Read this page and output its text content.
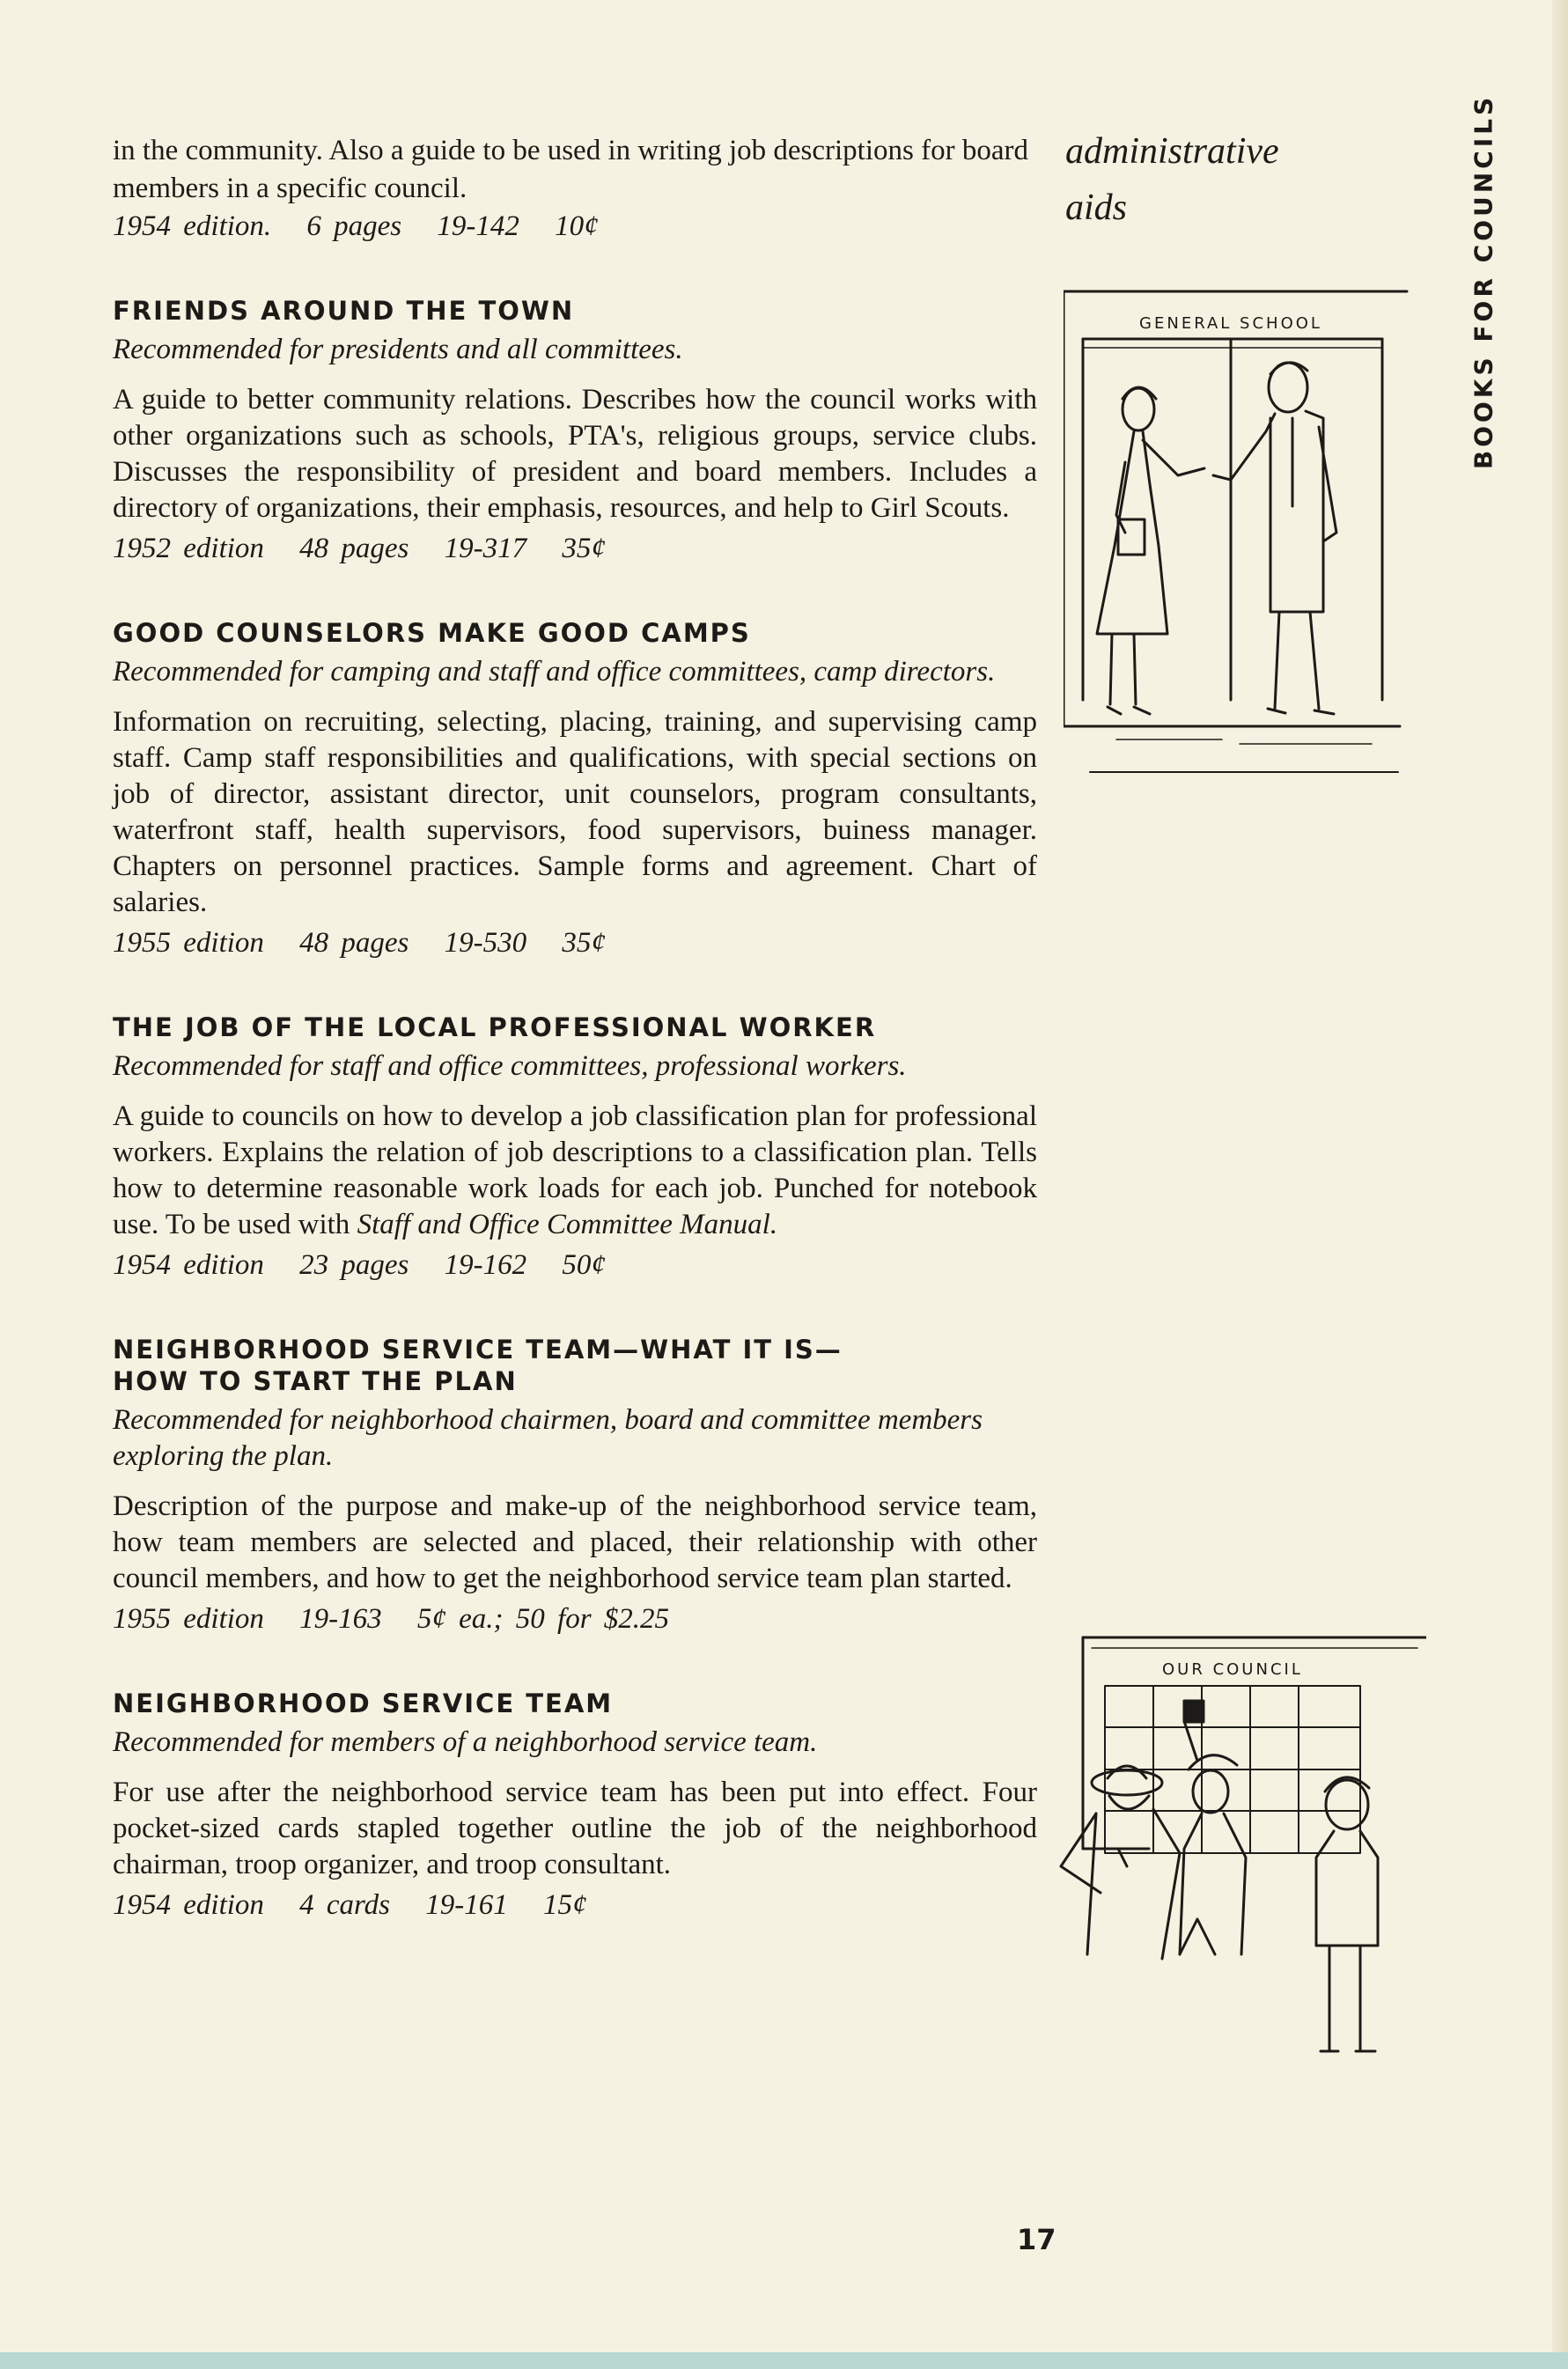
administrative
aids	BOOKS FOR COUNCILS
GENERAL SCHOOL
OUR COUNCIL

in the community. Also a guide to be used in writing job descriptions for board members in a specific council.

1954 edition. 6 pages 19-142 10¢

FRIENDS AROUND THE TOWN

Recommended for presidents and all committees.

A guide to better community relations. Describes how the council works with other organizations such as schools, PTA's, religious groups, service clubs. Discusses the responsibility of president and board members. Includes a directory of organizations, their emphasis, resources, and help to Girl Scouts.

1952 edition 48 pages 19-317 35¢

GOOD COUNSELORS MAKE GOOD CAMPS

Recommended for camping and staff and office committees, camp directors.

Information on recruiting, selecting, placing, training, and supervising camp staff. Camp staff responsibilities and qualifications, with special sections on job of director, assistant director, unit counselors, program consultants, waterfront staff, health supervisors, food supervisors, buiness manager. Chapters on personnel practices. Sample forms and agreement. Chart of salaries.

1955 edition 48 pages 19-530 35¢

THE JOB OF THE LOCAL PROFESSIONAL WORKER

Recommended for staff and office committees, professional workers.

A guide to councils on how to develop a job classification plan for professional workers. Explains the relation of job descriptions to a classification plan. Tells how to determine reasonable work loads for each job. Punched for notebook use. To be used with Staff and Office Committee Manual.

1954 edition 23 pages 19-162 50¢

NEIGHBORHOOD SERVICE TEAM—WHAT IT IS—
HOW TO START THE PLAN

Recommended for neighborhood chairmen, board and committee members exploring the plan.

Description of the purpose and make-up of the neighborhood service team, how team members are selected and placed, their relationship with other council members, and how to get the neighborhood service team plan started.

1955 edition 19-163 5¢ ea.; 50 for $2.25

NEIGHBORHOOD SERVICE TEAM

Recommended for members of a neighborhood service team.

For use after the neighborhood service team has been put into effect. Four pocket-sized cards stapled together outline the job of the neighborhood chairman, troop organizer, and troop consultant.

1954 edition 4 cards 19-161 15¢

17
